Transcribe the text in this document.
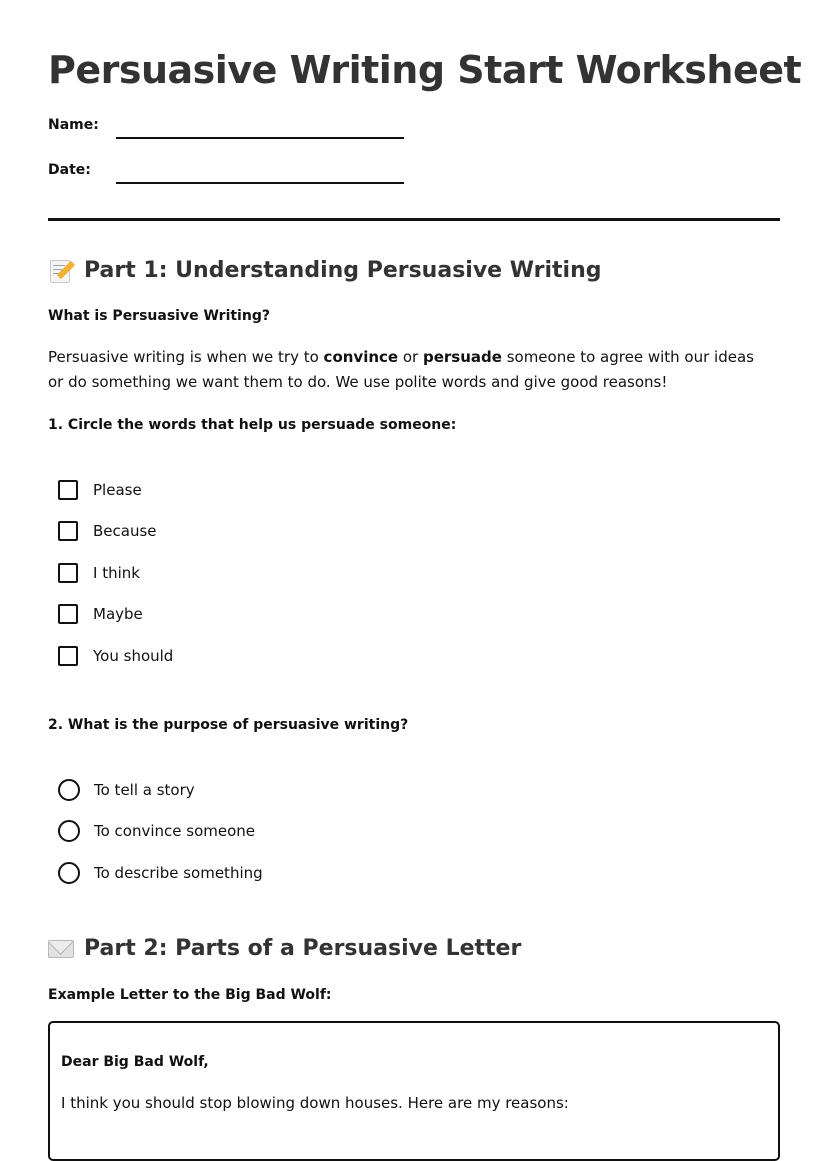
Persuasive Writing Start Worksheet
Name:
Date:
Part 1: Understanding Persuasive Writing
What is Persuasive Writing?

Persuasive writing is when we try to convince or persuade someone to agree with our ideas or do something we want them to do. We use polite words and give good reasons!

1. Circle the words that help us persuade someone:
Please
Because
I think
Maybe
You should
2. What is the purpose of persuasive writing?
To tell a story
To convince someone
To describe something
Part 2: Parts of a Persuasive Letter
Example Letter to the Big Bad Wolf:
Dear Big Bad Wolf,
I think you should stop blowing down houses. Here are my reasons:
